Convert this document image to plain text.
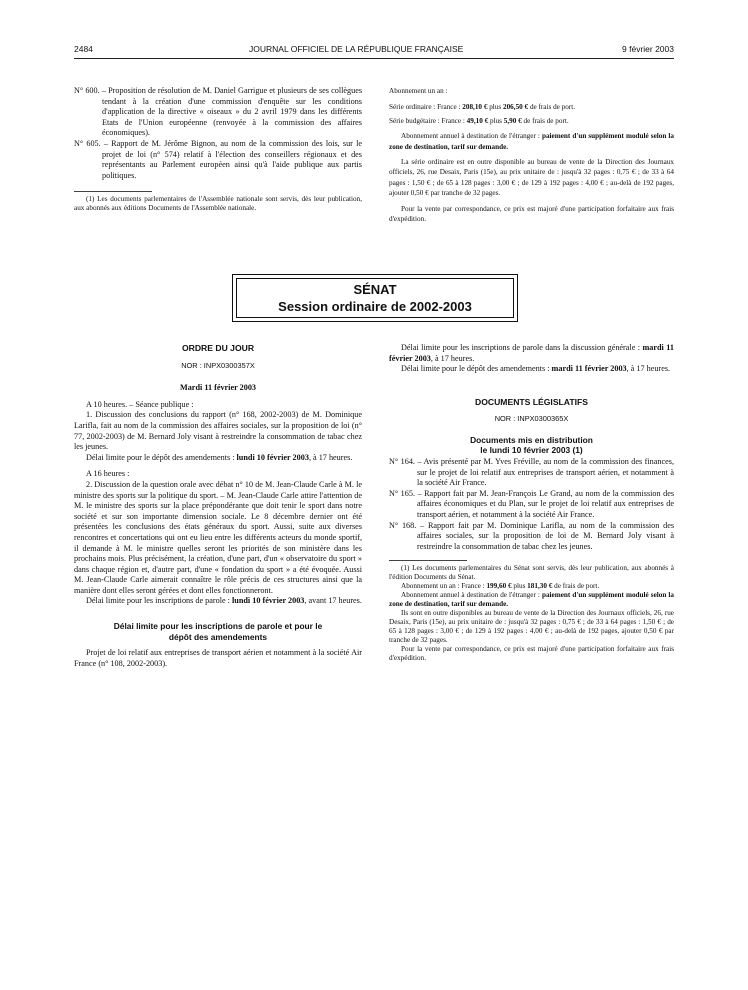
2484	JOURNAL OFFICIEL DE LA RÉPUBLIQUE FRANÇAISE	9 février 2003

N° 600. – Proposition de résolution de M. Daniel Garrigue et plusieurs de ses collègues tendant à la création d'une commission d'enquête sur les conditions d'application de la directive « oiseaux » du 2 avril 1979 dans les différents Etats de l'Union européenne (renvoyée à la commission des affaires économiques).

N° 605. – Rapport de M. Jérôme Bignon, au nom de la commission des lois, sur le projet de loi (n° 574) relatif à l'élection des conseillers régionaux et des représentants au Parlement européen ainsi qu'à l'aide publique aux partis politiques.

(1) Les documents parlementaires de l'Assemblée nationale sont servis, dès leur publication, aux abonnés aux éditions Documents de l'Assemblée nationale.

Abonnement un an :

Série ordinaire : France : 208,10 € plus 206,50 € de frais de port.

Série budgétaire : France : 49,10 € plus 5,90 € de frais de port.

Abonnement annuel à destination de l'étranger : paiement d'un supplément modulé selon la zone de destination, tarif sur demande.

La série ordinaire est en outre disponible au bureau de vente de la Direction des Journaux officiels, 26, rue Desaix, Paris (15e), au prix unitaire de : jusqu'à 32 pages : 0,75 € ; de 33 à 64 pages : 1,50 € ; de 65 à 128 pages : 3,00 € ; de 129 à 192 pages : 4,00 € ; au-delà de 192 pages, ajouter 0,50 € par tranche de 32 pages.

Pour la vente par correspondance, ce prix est majoré d'une participation forfaitaire aux frais d'expédition.

SÉNAT
Session ordinaire de 2002-2003

ORDRE DU JOUR

NOR : INPX0300357X

Mardi 11 février 2003

A 10 heures. – Séance publique :

1. Discussion des conclusions du rapport (n° 168, 2002-2003) de M. Dominique Larifla, fait au nom de la commission des affaires sociales, sur la proposition de loi (n° 77, 2002-2003) de M. Bernard Joly visant à restreindre la consommation de tabac chez les jeunes.

Délai limite pour le dépôt des amendements : lundi 10 février 2003, à 17 heures.

A 16 heures :

2. Discussion de la question orale avec débat n° 10 de M. Jean-Claude Carle à M. le ministre des sports sur la politique du sport. – M. Jean-Claude Carle attire l'attention de M. le ministre des sports sur la place prépondérante que doit tenir le sport dans notre société et sur son importante dimension sociale. Le 8 décembre dernier ont été présentées les conclusions des états généraux du sport. Aussi, suite aux diverses rencontres et concertations qui ont eu lieu entre les différents acteurs du monde sportif, il demande à M. le ministre quelles seront les priorités de son ministère dans les prochains mois. Plus précisément, la création, d'une part, d'un « observatoire du sport » dans chaque région et, d'autre part, d'une « fondation du sport » a été évoquée. Aussi M. Jean-Claude Carle aimerait connaître le rôle précis de ces structures ainsi que la manière dont elles seront gérées et dont elles fonctionneront.

Délai limite pour les inscriptions de parole : lundi 10 février 2003, avant 17 heures.

Délai limite pour les inscriptions de parole et pour le dépôt des amendements

Projet de loi relatif aux entreprises de transport aérien et notamment à la société Air France (n° 108, 2002-2003).

Délai limite pour les inscriptions de parole dans la discussion générale : mardi 11 février 2003, à 17 heures.

Délai limite pour le dépôt des amendements : mardi 11 février 2003, à 17 heures.

DOCUMENTS LÉGISLATIFS

NOR : INPX0300365X

Documents mis en distribution

le lundi 10 février 2003 (1)

N° 164. – Avis présenté par M. Yves Fréville, au nom de la commission des finances, sur le projet de loi relatif aux entreprises de transport aérien, et notamment à la société Air France.

N° 165. – Rapport fait par M. Jean-François Le Grand, au nom de la commission des affaires économiques et du Plan, sur le projet de loi relatif aux entreprises de transport aérien, et notamment à la société Air France.

N° 168. – Rapport fait par M. Dominique Larifla, au nom de la commission des affaires sociales, sur la proposition de loi de M. Bernard Joly visant à restreindre la consommation de tabac chez les jeunes.

(1) Les documents parlementaires du Sénat sont servis, dès leur publication, aux abonnés à l'édition Documents du Sénat.

Abonnement un an : France : 199,60 € plus 181,30 € de frais de port.

Abonnement annuel à destination de l'étranger : paiement d'un supplément modulé selon la zone de destination, tarif sur demande.

Ils sont en outre disponibles au bureau de vente de la Direction des Journaux officiels, 26, rue Desaix, Paris (15e), au prix unitaire de : jusqu'à 32 pages : 0,75 € ; de 33 à 64 pages : 1,50 € ; de 65 à 128 pages : 3,00 € ; de 129 à 192 pages : 4,00 € ; au-delà de 192 pages, ajouter 0,50 € par tranche de 32 pages.

Pour la vente par correspondance, ce prix est majoré d'une participation forfaitaire aux frais d'expédition.
